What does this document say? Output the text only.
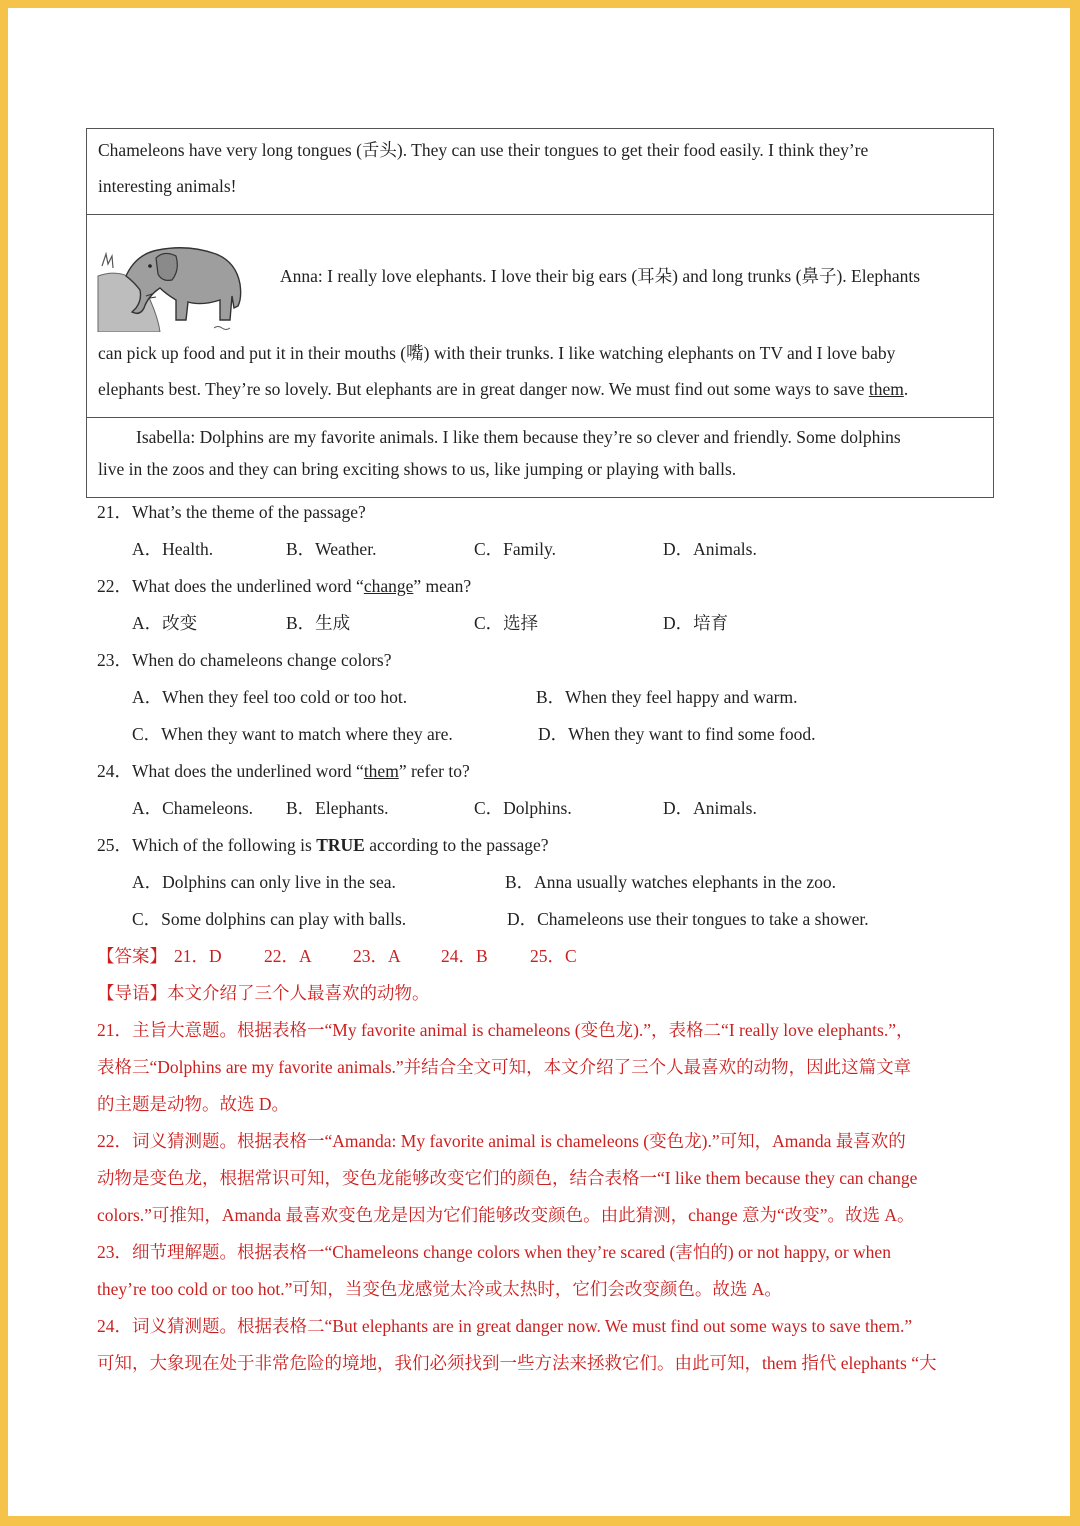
Chameleons have very long tongues (舌头). They can use their tongues to get their food easily. I think they’re
interesting animals!
Anna: I really love elephants. I love their big ears (耳朵) and long trunks (鼻子). Elephants
can pick up food and put it in their mouths (嘴) with their trunks. I like watching elephants on TV and I love baby
elephants best. They’re so lovely. But elephants are in great danger now. We must find out some ways to save them.
Isabella: Dolphins are my favorite animals. I like them because they’re so clever and friendly. Some dolphins
live in the zoos and they can bring exciting shows to us, like jumping or playing with balls.
21．What’s the theme of the passage?
A．Health.	B．Weather.	C．Family.	D．Animals.
22．What does the underlined word “change” mean?
A．改变	B．生成	C．选择	D．培育
23．When do chameleons change colors?
A．When they feel too cold or too hot.	B．When they feel happy and warm.
C．When they want to match where they are.	D．When they want to find some food.
24．What does the underlined word “them” refer to?
A．Chameleons. B．Elephants.	C．Dolphins.	D．Animals.
25．Which of the following is TRUE according to the passage?
A．Dolphins can only live in the sea.	B．Anna usually watches elephants in the zoo.
C．Some dolphins can play with balls.	D．Chameleons use their tongues to take a shower.
【答案】 21．D 22．A 23．A 24．B 25．C
【导语】本文介绍了三个人最喜欢的动物。
21．主旨大意题。根据表格一“My favorite animal is chameleons (变色龙).”，表格二“I really love elephants.”，
表格三“Dolphins are my favorite animals.”并结合全文可知，本文介绍了三个人最喜欢的动物，因此这篇文章
的主题是动物。故选 D。
22．词义猜测题。根据表格一“Amanda: My favorite animal is chameleons (变色龙).”可知，Amanda 最喜欢的
动物是变色龙，根据常识可知，变色龙能够改变它们的颜色，结合表格一“I like them because they can change
colors.”可推知，Amanda 最喜欢变色龙是因为它们能够改变颜色。由此猜测，change 意为“改变”。故选 A。
23．细节理解题。根据表格一“Chameleons change colors when they’re scared (害怕的) or not happy, or when
they’re too cold or too hot.”可知，当变色龙感觉太冷或太热时，它们会改变颜色。故选 A。
24．词义猜测题。根据表格二“But elephants are in great danger now. We must find out some ways to save them.”
可知，大象现在处于非常危险的境地，我们必须找到一些方法来拯救它们。由此可知，them 指代 elephants “大
